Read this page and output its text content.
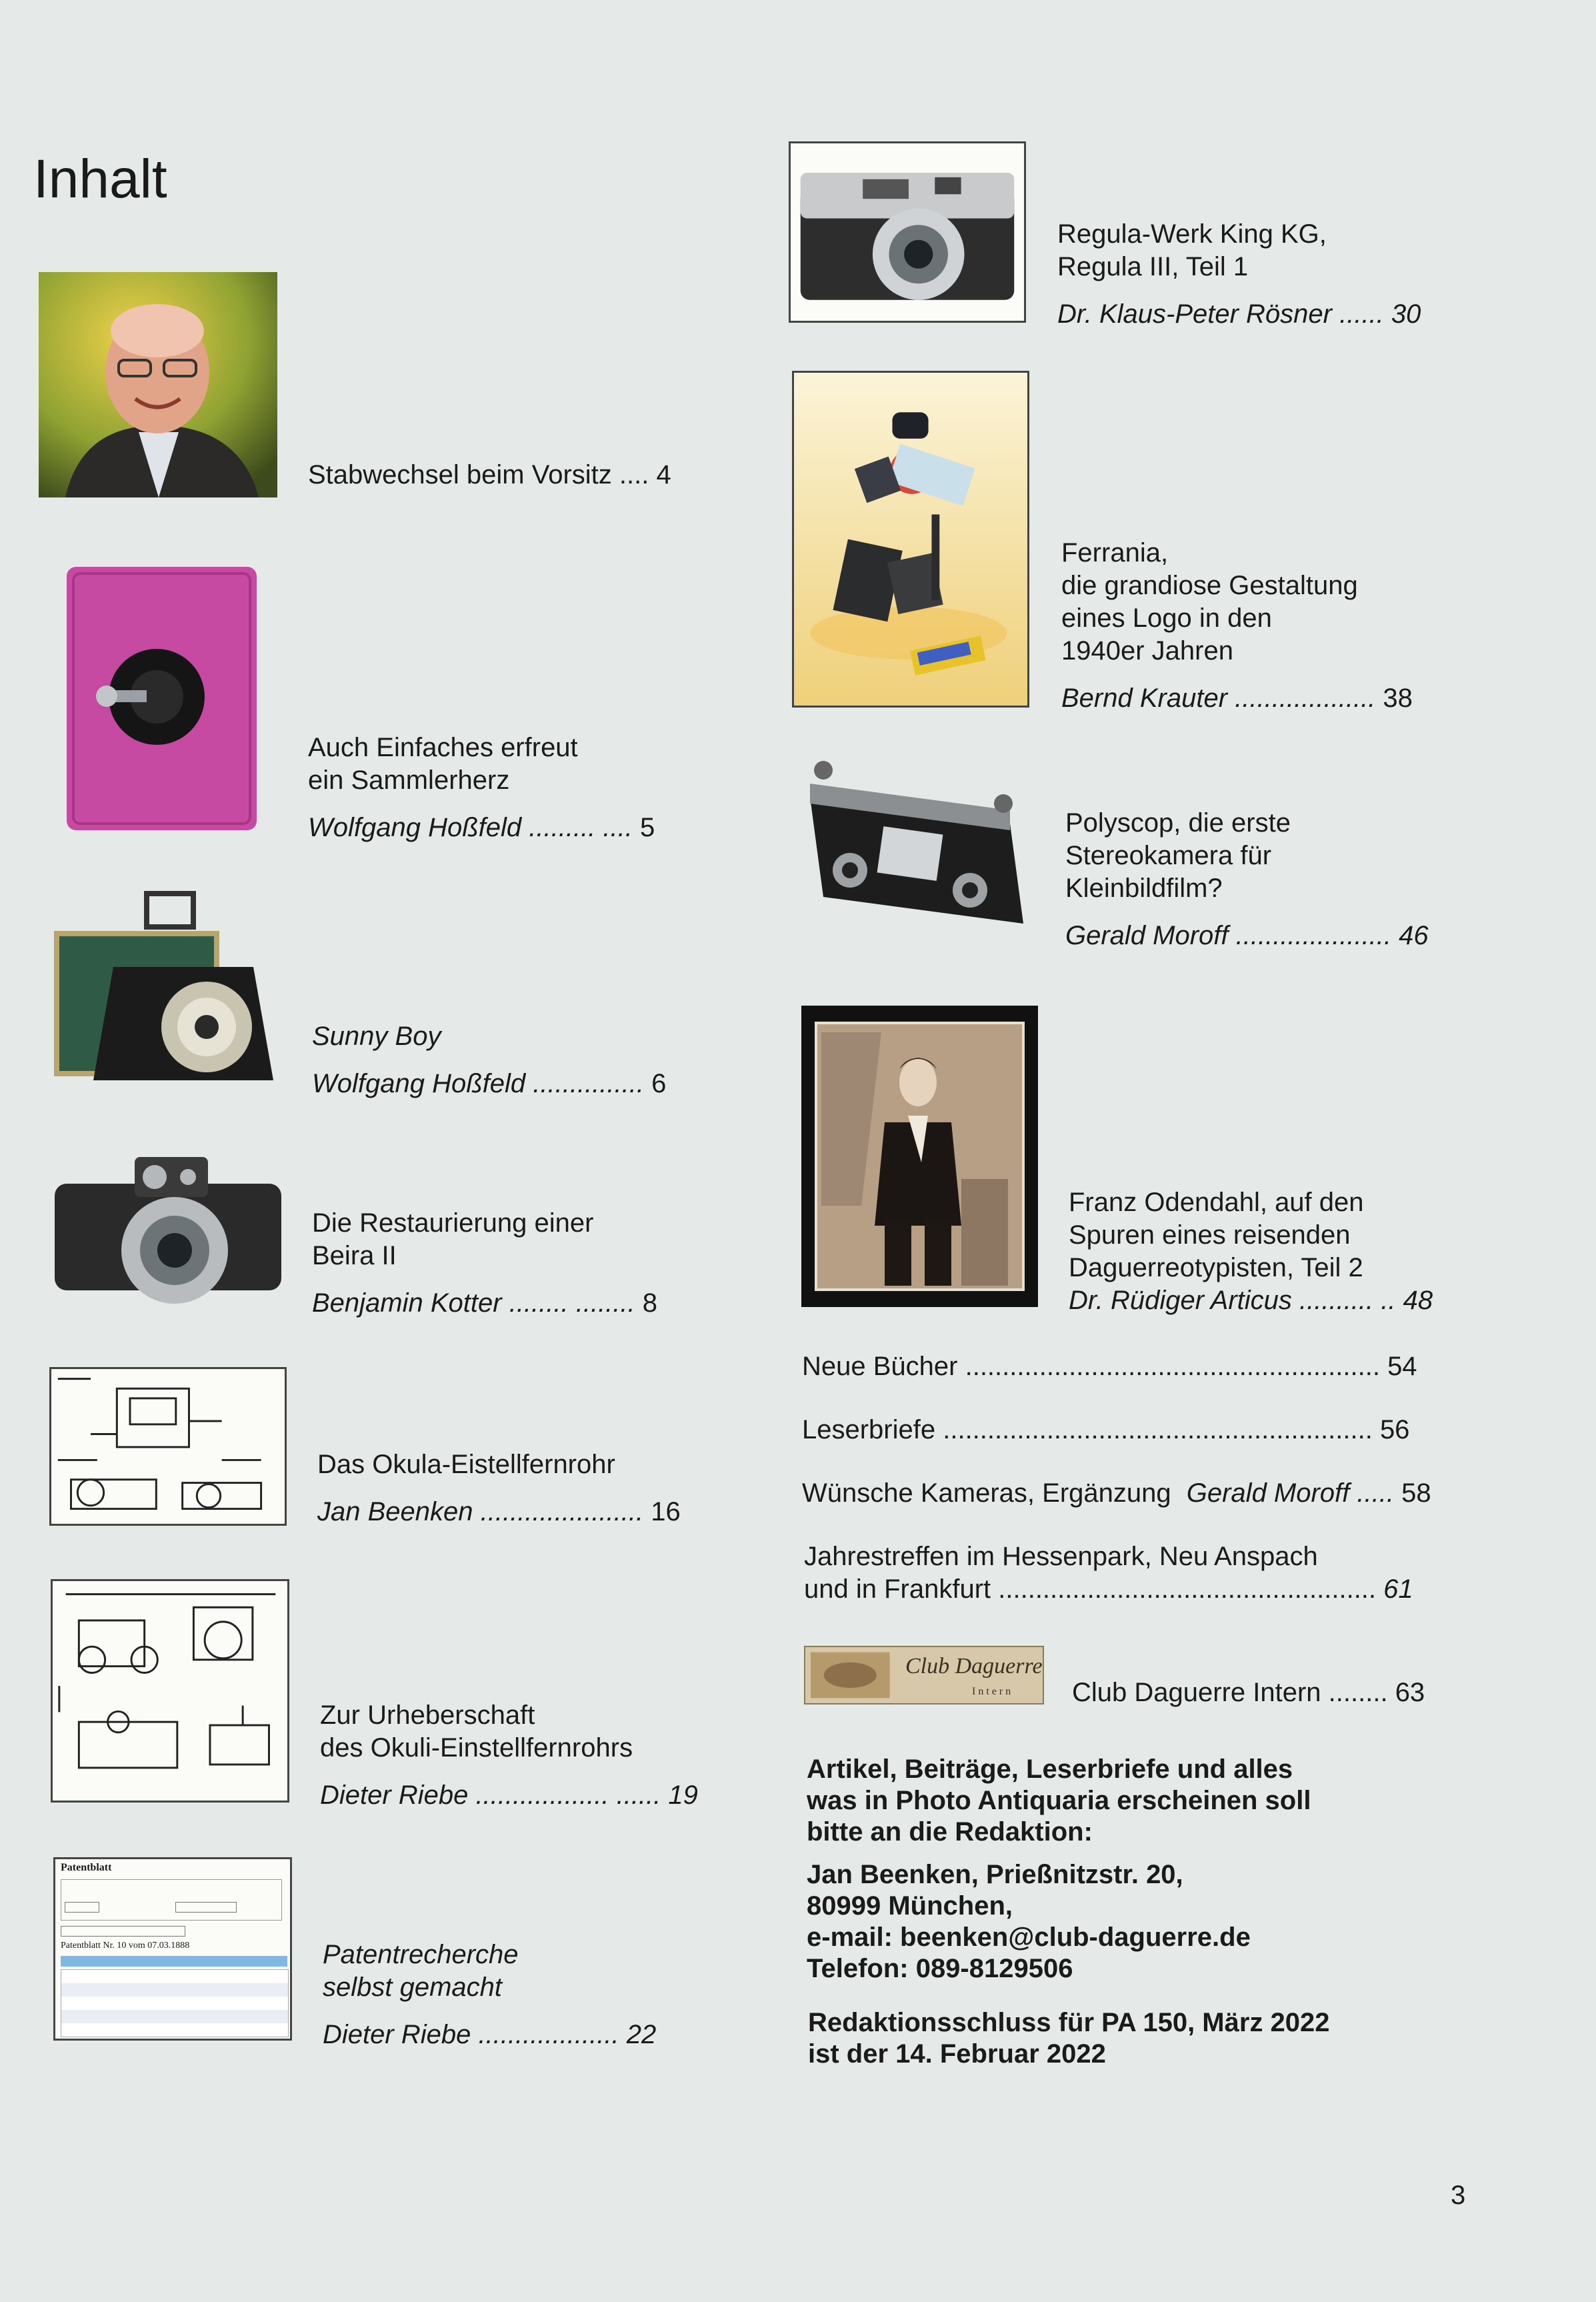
Inhalt
Patentblatt
Patentblatt Nr. 10 vom 07.03.1888
Stabwechsel beim Vorsitz .... 4
Auch Einfaches erfreut
ein Sammlerherz
Wolfgang Hoßfeld ......... .... 5
Sunny Boy
Wolfgang Hoßfeld ............... 6
Die Restaurierung einer
Beira II
Benjamin Kotter ........ ........ 8
Das Okula-Eistellfernrohr
Jan Beenken ...................... 16
Zur Urheberschaft
des Okuli-Einstellfernrohrs
Dieter Riebe .................. ...... 19
Patentrecherche
selbst gemacht
Dieter Riebe ................... 22
Club Daguerre
Intern
Regula-Werk King KG,
Regula III, Teil 1
Dr. Klaus-Peter Rösner ...... 30
Ferrania,
die grandiose Gestaltung
eines Logo in den
1940er Jahren
Bernd Krauter ................... 38
Polyscop, die erste
Stereokamera für
Kleinbildfilm?
Gerald Moroff ..................... 46
Franz Odendahl, auf den
Spuren eines reisenden
Daguerreotypisten, Teil 2
Dr. Rüdiger Articus .......... .. 48
Neue Bücher ........................................................ 54
Leserbriefe .......................................................... 56
Wünsche Kameras, Ergänzung Gerald Moroff ..... 58
Jahrestreffen im Hessenpark, Neu Anspach
und in Frankfurt ................................................... 61
Club Daguerre Intern ........ 63
Artikel, Beiträge, Leserbriefe und alles
was in Photo Antiquaria erscheinen soll
bitte an die Redaktion:
Jan Beenken, Prießnitzstr. 20,
80999 München,
e-mail: beenken@club-daguerre.de
Telefon: 089-8129506
Redaktionsschluss für PA 150, März 2022
ist der 14. Februar 2022
3
